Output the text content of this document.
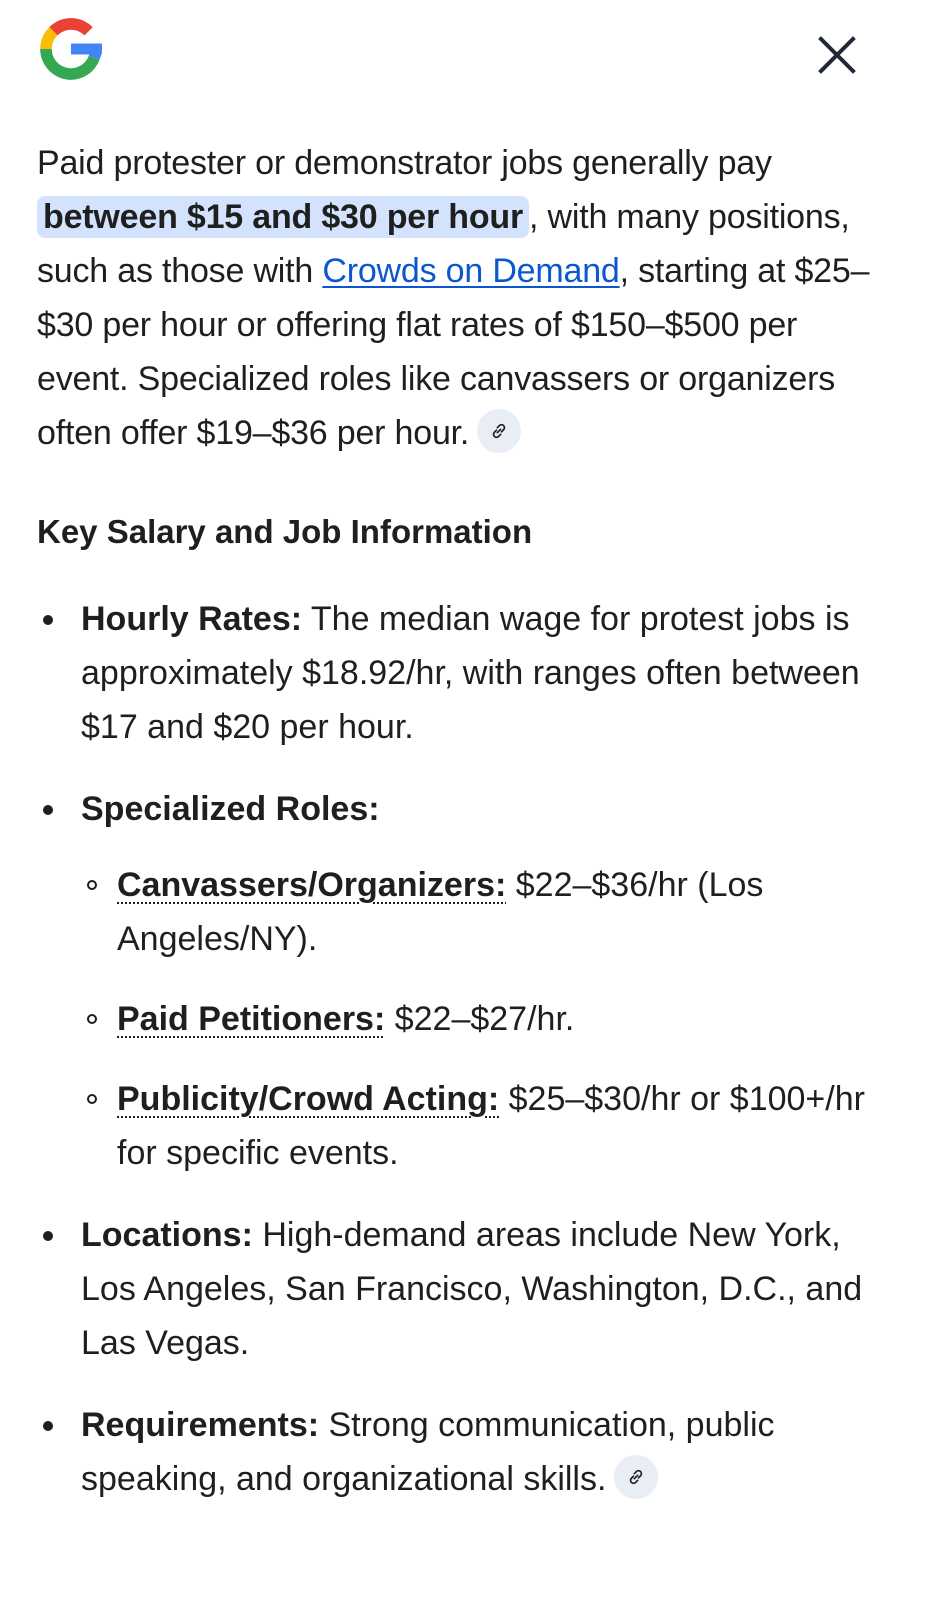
Paid protester or demonstrator jobs generally pay between $15 and $30 per hour , with many positions, such as those with Crowds on Demand, starting at $25–$30 per hour or offering flat rates of $150–$500 per event. Specialized roles like canvassers or organizers often offer $19–$36 per hour.

Key Salary and Job Information
Hourly Rates: The median wage for protest jobs is approximately $18.92/hr, with ranges often between $17 and $20 per hour.
Specialized Roles:
Canvassers/Organizers: $22–$36/hr (Los Angeles/NY).
Paid Petitioners: $22–$27/hr.
Publicity/Crowd Acting: $25–$30/hr or $100+/hr for specific events.
Locations: High-demand areas include New York, Los Angeles, San Francisco, Washington, D.C., and Las Vegas.
Requirements: Strong communication, public speaking, and organizational skills.
